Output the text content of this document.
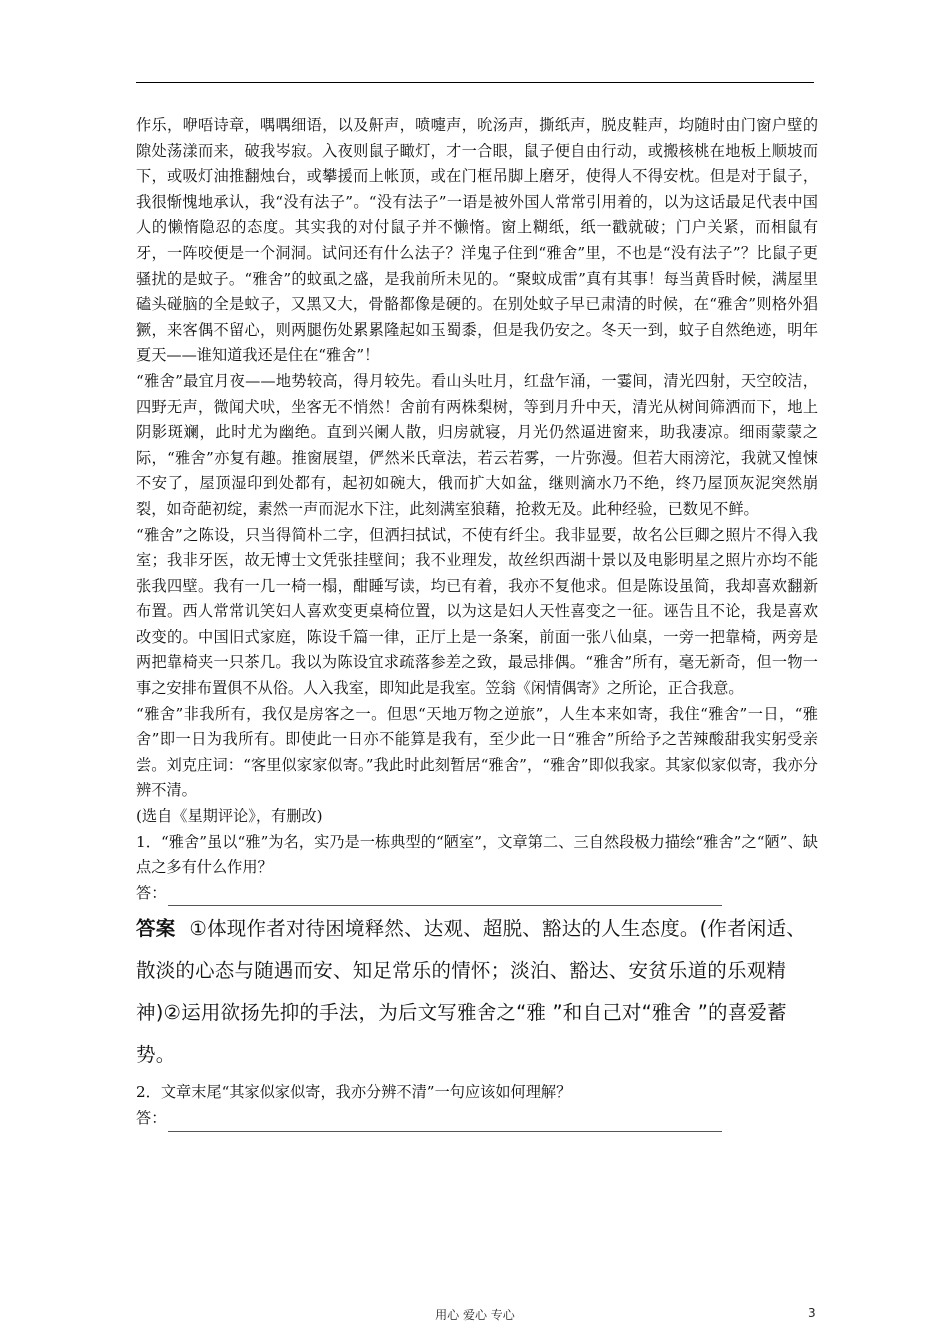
作乐，咿唔诗章，喁喁细语，以及鼾声，喷嚏声，吮汤声，撕纸声，脱皮鞋声，均随时由门窗户壁的隙处荡漾而来，破我岑寂。入夜则鼠子瞰灯，才一合眼，鼠子便自由行动，或搬核桃在地板上顺坡而下，或吸灯油推翻烛台，或攀援而上帐顶，或在门框吊脚上磨牙，使得人不得安枕。但是对于鼠子，我很惭愧地承认，我“没有法子”。“没有法子”一语是被外国人常常引用着的，以为这话最足代表中国人的懒惰隐忍的态度。其实我的对付鼠子并不懒惰。窗上糊纸，纸一戳就破；门户关紧，而相鼠有牙，一阵咬便是一个洞洞。试问还有什么法子？洋鬼子住到“雅舍”里，不也是“没有法子”？比鼠子更骚扰的是蚊子。“雅舍”的蚊虱之盛，是我前所未见的。“聚蚊成雷”真有其事！每当黄昏时候，满屋里磕头碰脑的全是蚊子，又黑又大，骨骼都像是硬的。在别处蚊子早已肃清的时候，在“雅舍”则格外猖獗，来客偶不留心，则两腿伤处累累隆起如玉蜀黍，但是我仍安之。冬天一到，蚊子自然绝迹，明年夏天——谁知道我还是住在“雅舍”！

“雅舍”最宜月夜——地势较高，得月较先。看山头吐月，红盘乍涌，一霎间，清光四射，天空皎洁，四野无声，微闻犬吠，坐客无不悄然！舍前有两株梨树，等到月升中天，清光从树间筛洒而下，地上阴影斑斓，此时尤为幽绝。直到兴阑人散，归房就寝，月光仍然逼进窗来，助我凄凉。细雨蒙蒙之际，“雅舍”亦复有趣。推窗展望，俨然米氏章法，若云若雾，一片弥漫。但若大雨滂沱，我就又惶悚不安了，屋顶湿印到处都有，起初如碗大，俄而扩大如盆，继则滴水乃不绝，终乃屋顶灰泥突然崩裂，如奇葩初绽，素然一声而泥水下注，此刻满室狼藉，抢救无及。此种经验，已数见不鲜。

“雅舍”之陈设，只当得简朴二字，但洒扫拭试，不使有纤尘。我非显要，故名公巨卿之照片不得入我室；我非牙医，故无博士文凭张挂壁间；我不业理发，故丝织西湖十景以及电影明星之照片亦均不能张我四壁。我有一几一椅一榻，酣睡写读，均已有着，我亦不复他求。但是陈设虽简，我却喜欢翻新布置。西人常常讥笑妇人喜欢变更桌椅位置，以为这是妇人天性喜变之一征。诬告且不论，我是喜欢改变的。中国旧式家庭，陈设千篇一律，正厅上是一条案，前面一张八仙桌，一旁一把靠椅，两旁是两把靠椅夹一只茶几。我以为陈设宜求疏落参差之致，最忌排偶。“雅舍”所有，毫无新奇，但一物一事之安排布置俱不从俗。人入我室，即知此是我室。笠翁《闲情偶寄》之所论，正合我意。

“雅舍”非我所有，我仅是房客之一。但思“天地万物之逆旅”，人生本来如寄，我住“雅舍”一日，“雅舍”即一日为我所有。即使此一日亦不能算是我有，至少此一日“雅舍”所给予之苦辣酸甜我实躬受亲尝。刘克庄词：“客里似家家似寄。”我此时此刻暂居“雅舍”，“雅舍”即似我家。其家似家似寄，我亦分辨不清。

(选自《星期评论》，有删改)

1．“雅舍”虽以“雅”为名，实乃是一栋典型的“陋室”，文章第二、三自然段极力描绘“雅舍”之“陋”、缺点之多有什么作用？

答：
答案 ①体现作者对待困境释然、达观、超脱、豁达的人生态度。(作者闲适、散淡的心态与随遇而安、知足常乐的情怀；淡泊、豁达、安贫乐道的乐观精神)②运用欲扬先抑的手法，为后文写雅舍之“雅 ”和自己对“雅舍 ”的喜爱蓄势。

2．文章末尾“其家似家似寄，我亦分辨不清”一句应该如何理解？

答：
用心 爱心 专心	3
